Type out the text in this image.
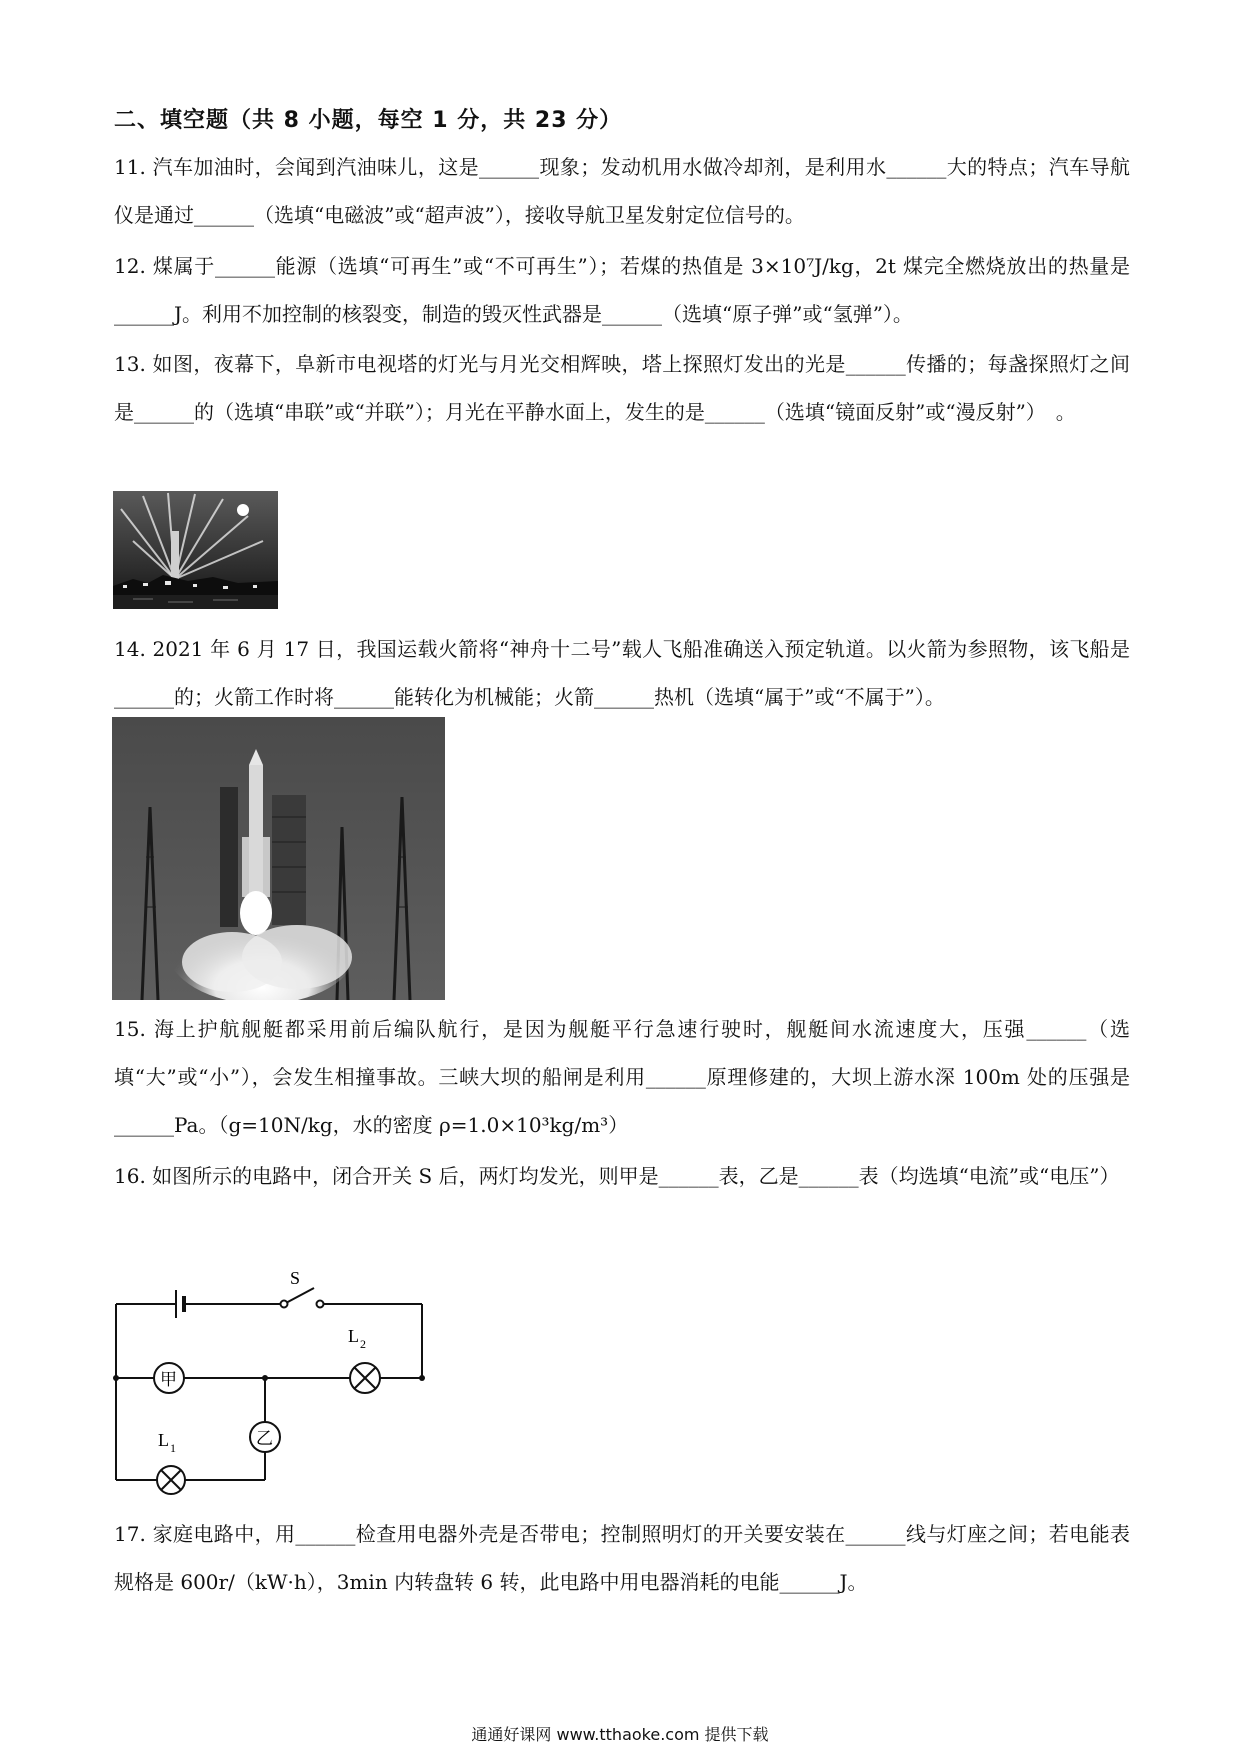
二、填空题（共 8 小题，每空 1 分，共 23 分）
11. 汽车加油时，会闻到汽油味儿，这是______现象；发动机用水做冷却剂，是利用水______大的特点；汽车导航仪是通过______（选填“电磁波”或“超声波”），接收导航卫星发射定位信号的。
12. 煤属于______能源（选填“可再生”或“不可再生”）；若煤的热值是 3×10⁷J/kg，2t 煤完全燃烧放出的热量是______J。利用不加控制的核裂变，制造的毁灭性武器是______（选填“原子弹”或“氢弹”）。
13. 如图，夜幕下，阜新市电视塔的灯光与月光交相辉映，塔上探照灯发出的光是______传播的；每盏探照灯之间是______的（选填“串联”或“并联”）；月光在平静水面上，发生的是______（选填“镜面反射”或“漫反射”）　。
14. 2021 年 6 月 17 日，我国运载火箭将“神舟十二号”载人飞船准确送入预定轨道。以火箭为参照物，该飞船是______的；火箭工作时将______能转化为机械能；火箭______热机（选填“属于”或“不属于”）。
15. 海上护航舰艇都采用前后编队航行，是因为舰艇平行急速行驶时，舰艇间水流速度大，压强______（选填“大”或“小”），会发生相撞事故。三峡大坝的船闸是利用______原理修建的，大坝上游水深 100m 处的压强是______Pa。（g=10N/kg，水的密度 ρ=1.0×10³kg/m³）
16. 如图所示的电路中，闭合开关 S 后，两灯均发光，则甲是______表，乙是______表（均选填“电流”或“电压”）
S
甲
乙
L 2
L 1
17. 家庭电路中，用______检查用电器外壳是否带电；控制照明灯的开关要安装在______线与灯座之间；若电能表规格是 600r/（kW·h），3min 内转盘转 6 转，此电路中用电器消耗的电能______J。
通通好课网 www.tthaoke.com 提供下载
